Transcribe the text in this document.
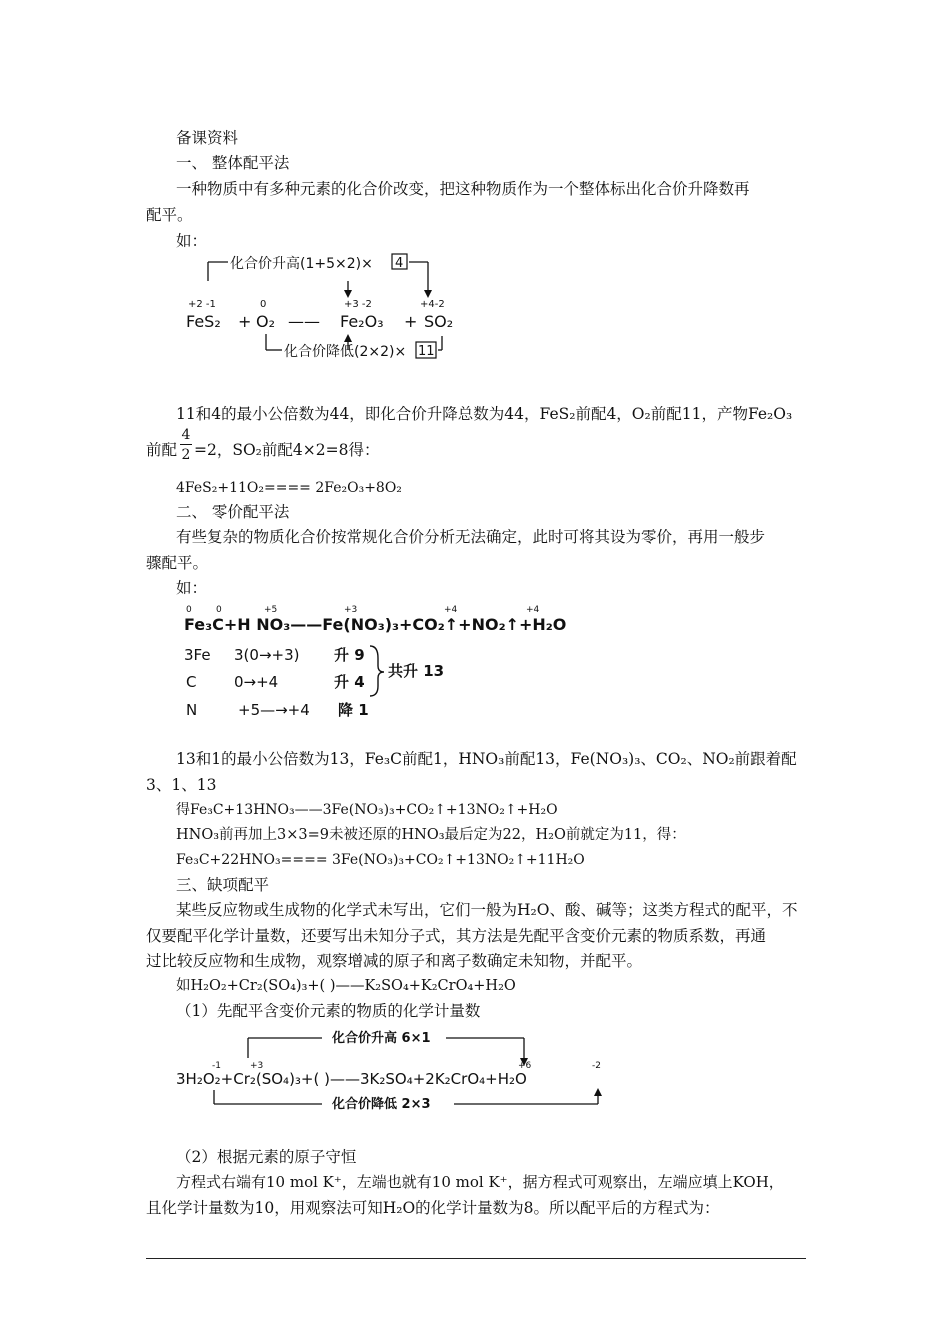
备课资料
一、 整体配平法
一种物质中有多种元素的化合价改变，把这种物质作为一个整体标出化合价升降数再
配平。
如：
化合价升高(1+5×2)× 4
+2 -1	0	+3 -2	+4-2
FeS₂ + O₂ —— Fe₂O₃ + SO₂
化合价降低(2×2)× 11
11和4的最小公倍数为44，即化合价升降总数为44，FeS₂前配4，O₂前配11，产物Fe₂O₃
前配
4
2 =2，SO₂前配4×2=8得：
4FeS₂+11O₂==== 2Fe₂O₃+8O₂
二、 零价配平法
有些复杂的物质化合价按常规化合价分析无法确定，此时可将其设为零价，再用一般步
骤配平。
如：
0	0	+5	+3	+4	+4
Fe₃C+H NO₃——Fe(NO₃)₃+CO₂↑+NO₂↑+H₂O
3Fe 3(0→+3) 升 9
C	0→+4	升 4
共升 13
N	+5—→+4 降 1
13和1的最小公倍数为13，Fe₃C前配1，HNO₃前配13，Fe(NO₃)₃、CO₂、NO₂前跟着配
3、1、13
得Fe₃C+13HNO₃——3Fe(NO₃)₃+CO₂↑+13NO₂↑+H₂O
HNO₃前再加上3×3=9未被还原的HNO₃最后定为22，H₂O前就定为11，得：
Fe₃C+22HNO₃==== 3Fe(NO₃)₃+CO₂↑+13NO₂↑+11H₂O
三、缺项配平
某些反应物或生成物的化学式未写出，它们一般为H₂O、酸、碱等；这类方程式的配平，不
仅要配平化学计量数，还要写出未知分子式，其方法是先配平含变价元素的物质系数，再通
过比较反应物和生成物，观察增减的原子和离子数确定未知物，并配平。
如H₂O₂+Cr₂(SO₄)₃+( )——K₂SO₄+K₂CrO₄+H₂O
（1）先配平含变价元素的物质的化学计量数
化合价升高 6×1
-1	+3	+6	-2
3H₂O₂+Cr₂(SO₄)₃+( )——3K₂SO₄+2K₂CrO₄+H₂O
化合价降低 2×3
（2）根据元素的原子守恒
方程式右端有10 mol K⁺，左端也就有10 mol K⁺，据方程式可观察出，左端应填上KOH，
且化学计量数为10，用观察法可知H₂O的化学计量数为8。所以配平后的方程式为：
